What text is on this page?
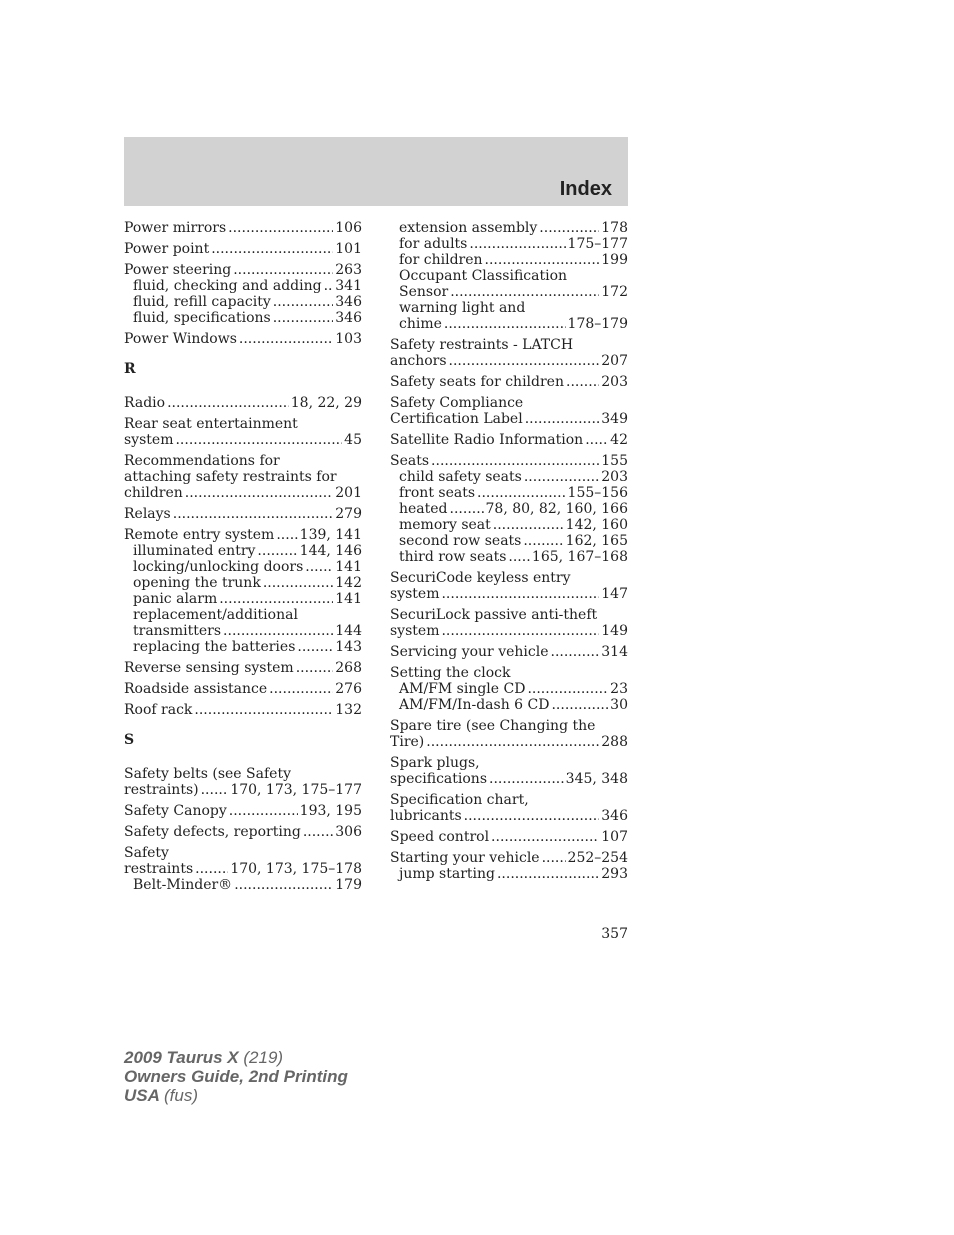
Index
Power mirrors .....	106
Power point .....	101
Power steering .....	263
fluid, checking and adding ..... 341
fluid, refill capacity .....	346
fluid, specifications .....	346
Power Windows .....	103
R
Radio .....	18, 22, 29
Rear seat entertainment
system .....	45
Recommendations for
attaching safety restraints for
children .....	201
Relays .....	279
Remote entry system ..... 139, 141
illuminated entry .....	144, 146
locking/unlocking doors ..... 141
opening the trunk .....	142
panic alarm .....	141
replacement/additional
transmitters .....	144
replacing the batteries .....	143
Reverse sensing system .....	268
Roadside assistance .....	276
Roof rack .....	132
S
Safety belts (see Safety
restraints) ..... 170, 173, 175–177
Safety Canopy .....	193, 195
Safety defects, reporting ..... 306
Safety
restraints .....	170, 173, 175–178
Belt-Minder® .....	179
extension assembly .....	178
for adults .....	175–177
for children .....	199
Occupant Classification
Sensor .....	172
warning light and
chime .....	178–179
Safety restraints - LATCH
anchors .....	207
Safety seats for children .....	203
Safety Compliance
Certification Label .....	349
Satellite Radio Information ..... 42
Seats .....	155
child safety seats .....	203
front seats .....	155–156
heated .....	78, 80, 82, 160, 166
memory seat .....	142, 160
second row seats .....	162, 165
third row seats ..... 165, 167–168
SecuriCode keyless entry
system .....	147
SecuriLock passive anti-theft
system .....	149
Servicing your vehicle .....	314
Setting the clock
AM/FM single CD .....	23
AM/FM/In-dash 6 CD .....	30
Spare tire (see Changing the
Tire) .....	288
Spark plugs,
specifications .....	345, 348
Specification chart,
lubricants .....	346
Speed control .....	107
Starting your vehicle ..... 252–254
jump starting .....	293
357
2009 Taurus X (219)
Owners Guide, 2nd Printing
USA (fus)
